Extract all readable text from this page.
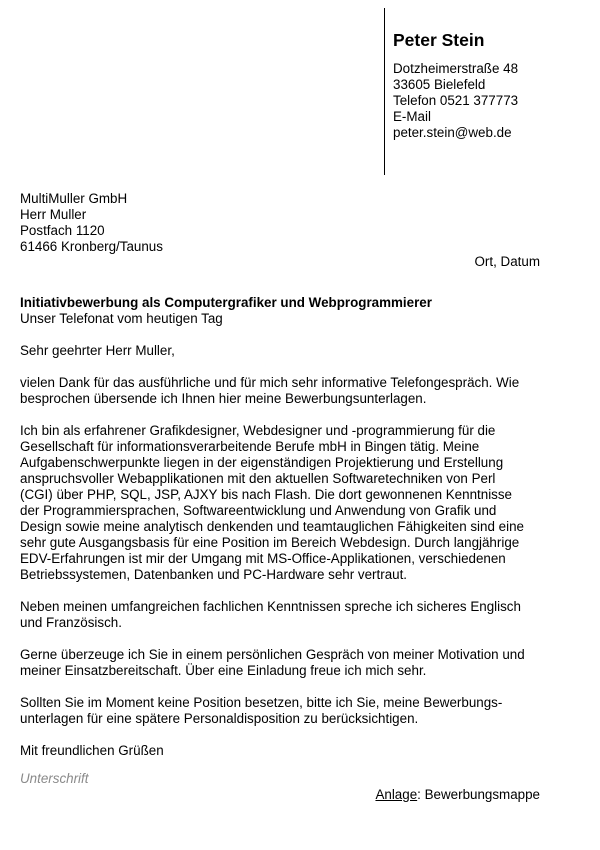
Peter Stein
Dotzheimerstraße 48
33605 Bielefeld
Telefon 0521 377773
E-Mail
peter.stein@web.de
MultiMuller GmbH
Herr Muller
Postfach 1120
61466 Kronberg/Taunus
Ort, Datum
Initiativbewerbung als Computergrafiker und Webprogrammierer
Unser Telefonat vom heutigen Tag
Sehr geehrter Herr Muller,
vielen Dank für das ausführliche und für mich sehr informative Telefongespräch. Wie
besprochen übersende ich Ihnen hier meine Bewerbungsunterlagen.
Ich bin als erfahrener Grafikdesigner, Webdesigner und -programmierung für die
Gesellschaft für informationsverarbeitende Berufe mbH in Bingen tätig. Meine
Aufgabenschwerpunkte liegen in der eigenständigen Projektierung und Erstellung
anspruchsvoller Webapplikationen mit den aktuellen Softwaretechniken von Perl
(CGI) über PHP, SQL, JSP, AJXY bis nach Flash. Die dort gewonnenen Kenntnisse
der Programmiersprachen, Softwareentwicklung und Anwendung von Grafik und
Design sowie meine analytisch denkenden und teamtauglichen Fähigkeiten sind eine
sehr gute Ausgangsbasis für eine Position im Bereich Webdesign. Durch langjährige
EDV-Erfahrungen ist mir der Umgang mit MS-Office-Applikationen, verschiedenen
Betriebssystemen, Datenbanken und PC-Hardware sehr vertraut.
Neben meinen umfangreichen fachlichen Kenntnissen spreche ich sicheres Englisch
und Französisch.
Gerne überzeuge ich Sie in einem persönlichen Gespräch von meiner Motivation und
meiner Einsatzbereitschaft. Über eine Einladung freue ich mich sehr.
Sollten Sie im Moment keine Position besetzen, bitte ich Sie, meine Bewerbungs-
unterlagen für eine spätere Personaldisposition zu berücksichtigen.
Mit freundlichen Grüßen
Unterschrift
Anlage: Bewerbungsmappe
